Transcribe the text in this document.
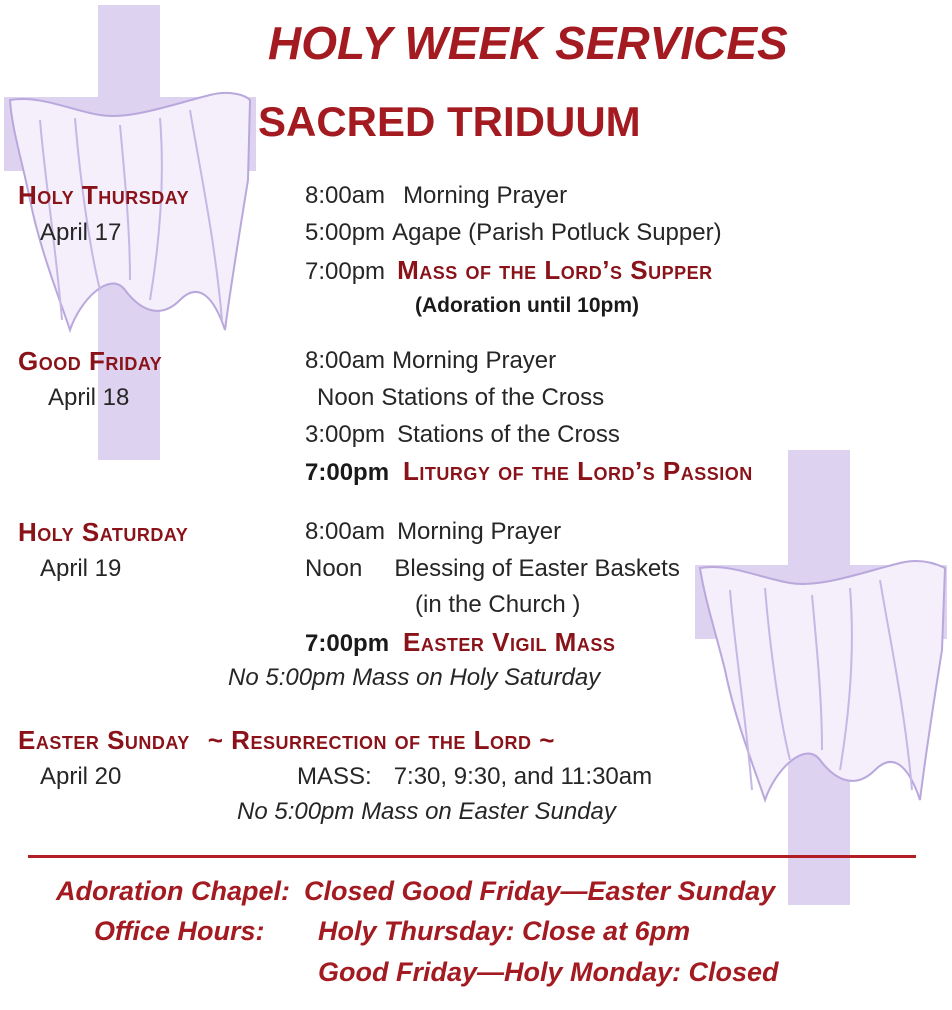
HOLY WEEK SERVICES
SACRED TRIDUUM

Holy Thursday

April 17

8:00am Morning Prayer

5:00pm Agape (Parish Potluck Supper)

7:00pm Mass of the Lord’s Supper

(Adoration until 10pm)

Good Friday

April 18

8:00am Morning Prayer

Noon Stations of the Cross

3:00pm Stations of the Cross

7:00pm Liturgy of the Lord’s Passion

Holy Saturday

April 19

8:00am Morning Prayer

Noon Blessing of Easter Baskets

(in the Church )

7:00pm Easter Vigil Mass

No 5:00pm Mass on Holy Saturday

Easter Sunday ~ Resurrection of the Lord ~

April 20	MASS: 7:30, 9:30, and 11:30am

No 5:00pm Mass on Easter Sunday

Adoration Chapel: Closed Good Friday—Easter Sunday

Office Hours: Holy Thursday: Close at 6pm

Good Friday—Holy Monday: Closed
